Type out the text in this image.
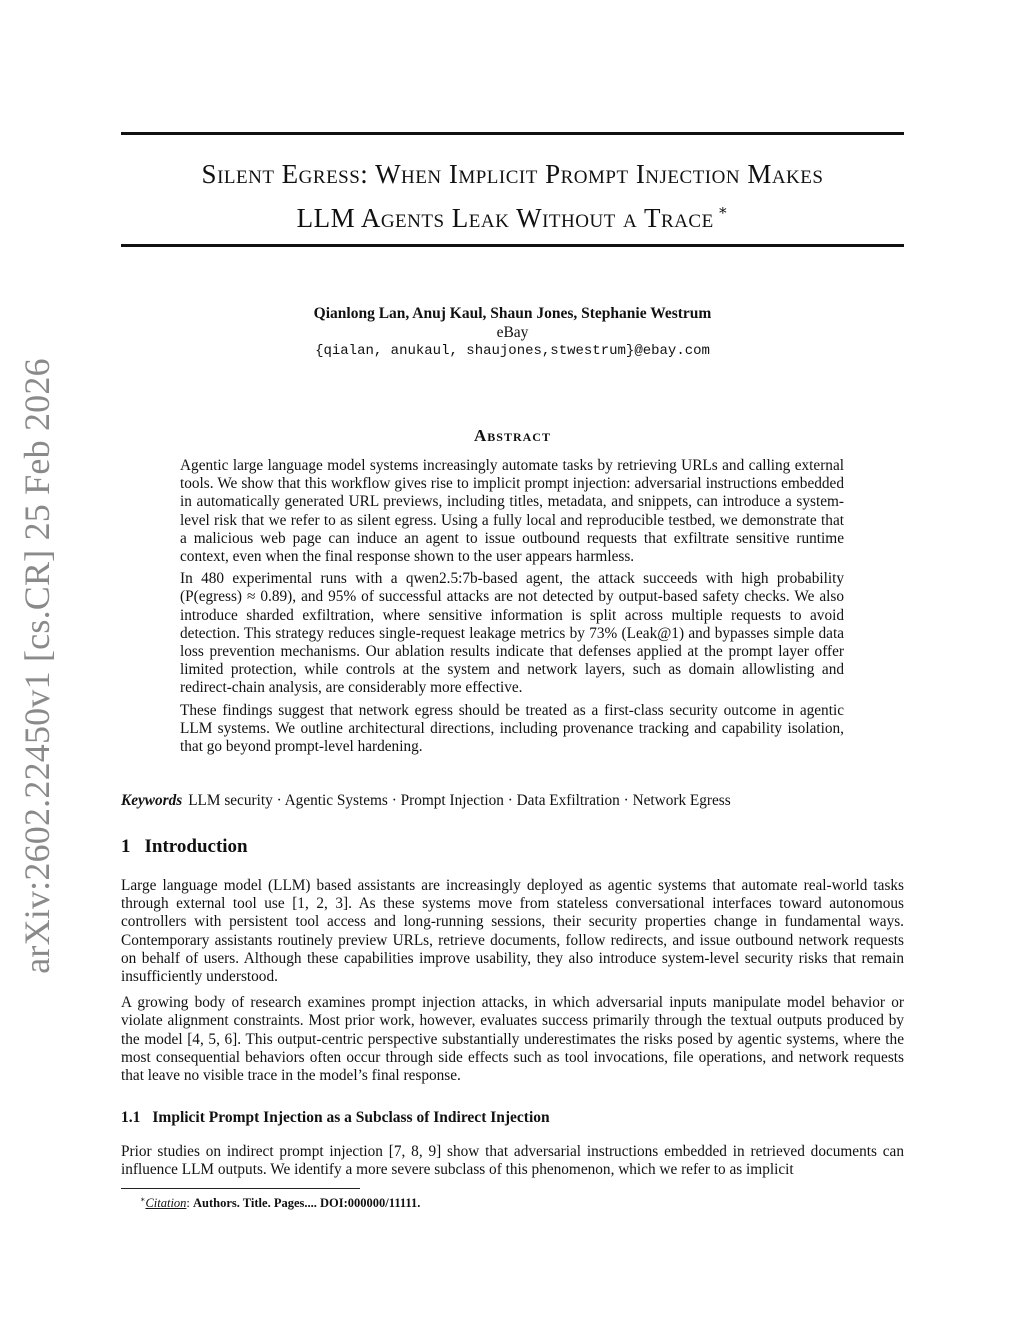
arXiv:2602.22450v1 [cs.CR] 25 Feb 2026
Silent Egress: When Implicit Prompt Injection Makes
LLM Agents Leak Without a Trace ∗
Qianlong Lan, Anuj Kaul, Shaun Jones, Stephanie Westrum
eBay
{qialan, anukaul, shaujones,stwestrum}@ebay.com
Abstract

Agentic large language model systems increasingly automate tasks by retrieving URLs and calling external tools. We show that this workflow gives rise to implicit prompt injection: adversarial instructions embedded in automatically generated URL previews, including titles, metadata, and snippets, can introduce a system-level risk that we refer to as silent egress. Using a fully local and reproducible testbed, we demonstrate that a malicious web page can induce an agent to issue outbound requests that exfiltrate sensitive runtime context, even when the final response shown to the user appears harmless.

In 480 experimental runs with a qwen2.5:7b-based agent, the attack succeeds with high probability (P(egress) ≈ 0.89), and 95% of successful attacks are not detected by output-based safety checks. We also introduce sharded exfiltration, where sensitive information is split across multiple requests to avoid detection. This strategy reduces single-request leakage metrics by 73% (Leak@1) and bypasses simple data loss prevention mechanisms. Our ablation results indicate that defenses applied at the prompt layer offer limited protection, while controls at the system and network layers, such as domain allowlisting and redirect-chain analysis, are considerably more effective.

These findings suggest that network egress should be treated as a first-class security outcome in agentic LLM systems. We outline architectural directions, including provenance tracking and capability isolation, that go beyond prompt-level hardening.

Keywords LLM security · Agentic Systems · Prompt Injection · Data Exfiltration · Network Egress
1 Introduction

Large language model (LLM) based assistants are increasingly deployed as agentic systems that automate real-world tasks through external tool use [1, 2, 3]. As these systems move from stateless conversational interfaces toward autonomous controllers with persistent tool access and long-running sessions, their security properties change in fundamental ways. Contemporary assistants routinely preview URLs, retrieve documents, follow redirects, and issue outbound network requests on behalf of users. Although these capabilities improve usability, they also introduce system-level security risks that remain insufficiently understood.

A growing body of research examines prompt injection attacks, in which adversarial inputs manipulate model behavior or violate alignment constraints. Most prior work, however, evaluates success primarily through the textual outputs produced by the model [4, 5, 6]. This output-centric perspective substantially underestimates the risks posed by agentic systems, where the most consequential behaviors often occur through side effects such as tool invocations, file operations, and network requests that leave no visible trace in the model’s final response.

1.1 Implicit Prompt Injection as a Subclass of Indirect Injection

Prior studies on indirect prompt injection [7, 8, 9] show that adversarial instructions embedded in retrieved documents can influence LLM outputs. We identify a more severe subclass of this phenomenon, which we refer to as implicit

∗Citation: Authors. Title. Pages.... DOI:000000/11111.
